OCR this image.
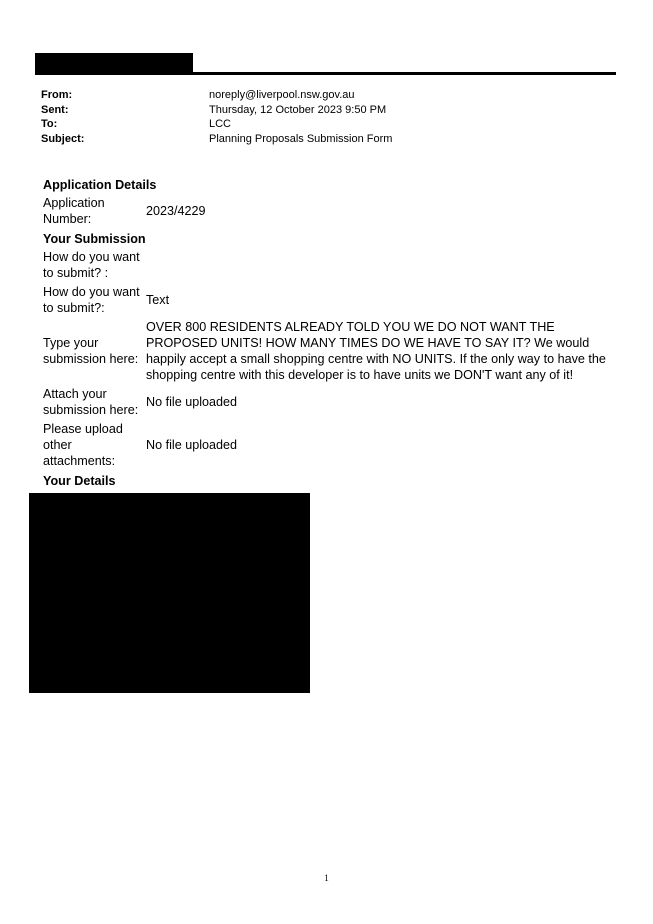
From:	noreply@liverpool.nsw.gov.au
Sent:	Thursday, 12 October 2023 9:50 PM
To:	LCC
Subject:	Planning Proposals Submission Form
Application Details
Application Number:
2023/4229
Your Submission
How do you want to submit? :
How do you want to submit?:
Text
Type your submission here:
OVER 800 RESIDENTS ALREADY TOLD YOU WE DO NOT WANT THE PROPOSED UNITS! HOW MANY TIMES DO WE HAVE TO SAY IT? We would happily accept a small shopping centre with NO UNITS. If the only way to have the shopping centre with this developer is to have units we DON'T want any of it!
Attach your submission here:
No file uploaded
Please upload other attachments:
No file uploaded
Your Details
1
